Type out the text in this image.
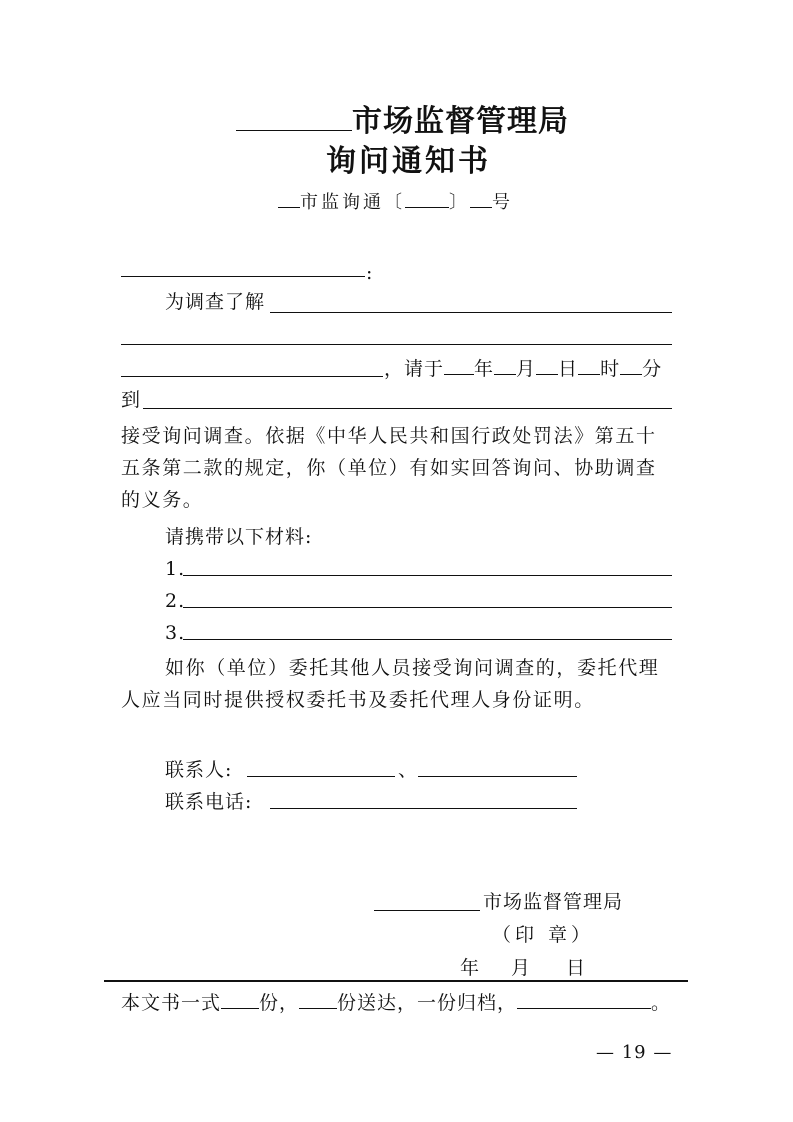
市场监督管理局
询问通知书
市监询通〔 〕 号
:
为调查了解
，请于 年 月 日 时 分
到
接受询问调查。依据《中华人民共和国行政处罚法》第五十
五条第二款的规定，你（单位）有如实回答询问、协助调查
的义务。
请携带以下材料:
1.
2.
3.
如你（单位）委托其他人员接受询问调查的，委托代理
人应当同时提供授权委托书及委托代理人身份证明。
联系人:	、
联系电话:
市场监督管理局
（印 章）
年 月 日
本文书一式 份， 份送达，一份归档，	。
— 19 —
